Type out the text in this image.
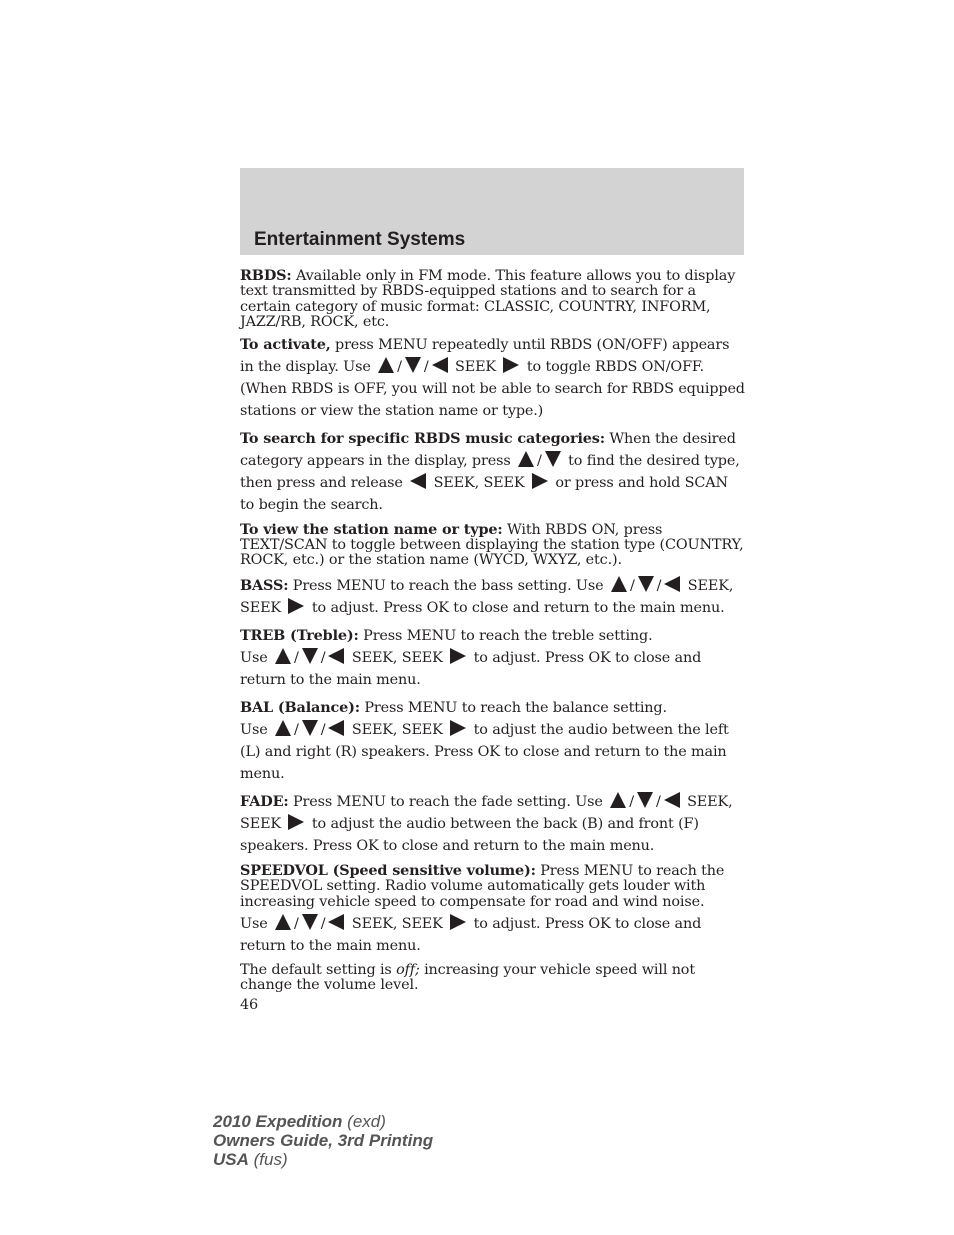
Entertainment Systems

RBDS: Available only in FM mode. This feature allows you to display text transmitted by RBDS-equipped stations and to search for a certain category of music format: CLASSIC, COUNTRY, INFORM, JAZZ/RB, ROCK, etc.

To activate, press MENU repeatedly until RBDS (ON/OFF) appears in the display. Use / / SEEK to toggle RBDS ON/OFF. (When RBDS is OFF, you will not be able to search for RBDS equipped stations or view the station name or type.)

To search for specific RBDS music categories: When the desired category appears in the display, press / to find the desired type, then press and release SEEK, SEEK or press and hold SCAN to begin the search.

To view the station name or type: With RBDS ON, press TEXT/SCAN to toggle between displaying the station type (COUNTRY, ROCK, etc.) or the station name (WYCD, WXYZ, etc.).

BASS: Press MENU to reach the bass setting. Use / / SEEK, SEEK to adjust. Press OK to close and return to the main menu.

TREB (Treble): Press MENU to reach the treble setting.
Use / / SEEK, SEEK to adjust. Press OK to close and return to the main menu.

BAL (Balance): Press MENU to reach the balance setting.
Use / / SEEK, SEEK to adjust the audio between the left (L) and right (R) speakers. Press OK to close and return to the main menu.

FADE: Press MENU to reach the fade setting. Use / / SEEK, SEEK to adjust the audio between the back (B) and front (F) speakers. Press OK to close and return to the main menu.

SPEEDVOL (Speed sensitive volume): Press MENU to reach the SPEEDVOL setting. Radio volume automatically gets louder with increasing vehicle speed to compensate for road and wind noise.

Use / / SEEK, SEEK to adjust. Press OK to close and return to the main menu.

The default setting is off; increasing your vehicle speed will not change the volume level.

46
2010 Expedition (exd)
Owners Guide, 3rd Printing
USA (fus)
